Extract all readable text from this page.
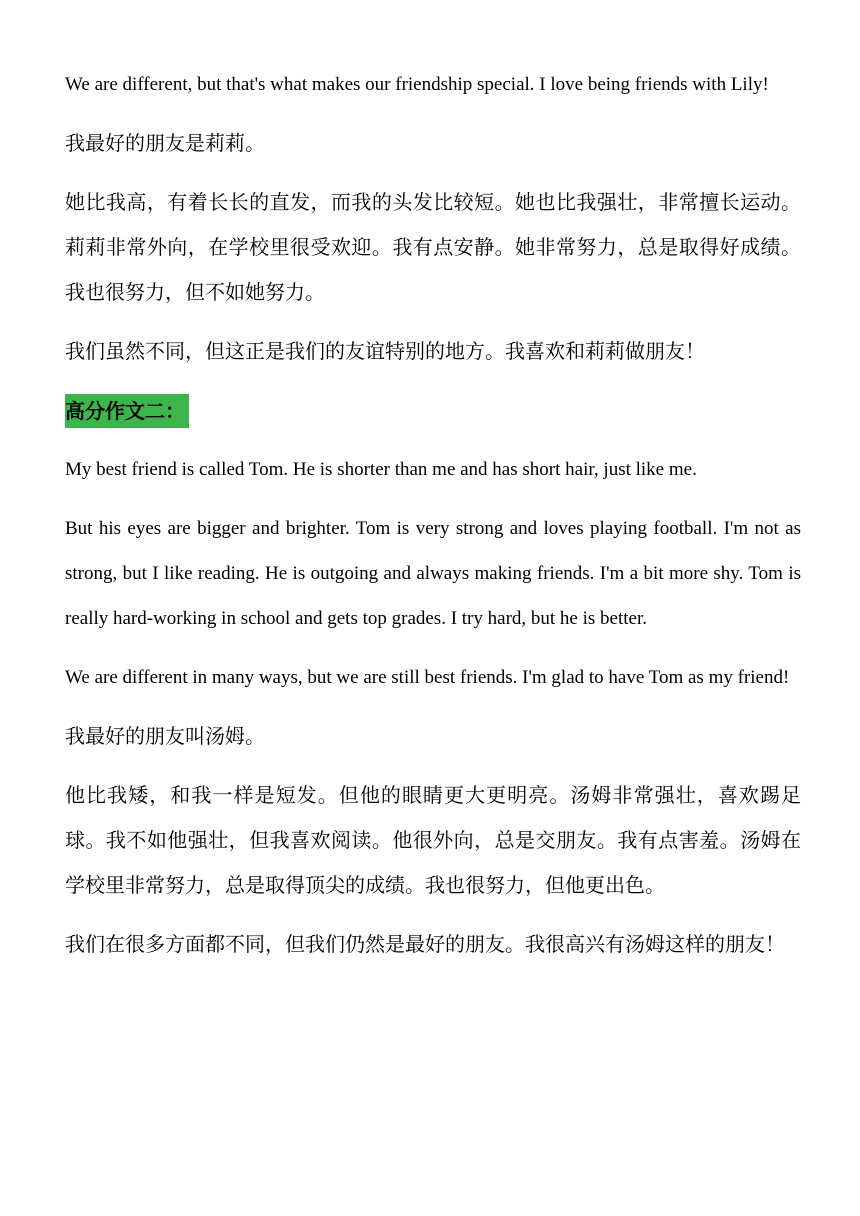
We are different, but that's what makes our friendship special. I love being friends with Lily!

我最好的朋友是莉莉。

她比我高，有着长长的直发，而我的头发比较短。她也比我强壮，非常擅长运动。莉莉非常外向，在学校里很受欢迎。我有点安静。她非常努力，总是取得好成绩。我也很努力，但不如她努力。

我们虽然不同，但这正是我们的友谊特别的地方。我喜欢和莉莉做朋友！

高分作文二：

My best friend is called Tom. He is shorter than me and has short hair, just like me.

But his eyes are bigger and brighter. Tom is very strong and loves playing football. I'm not as strong, but I like reading. He is outgoing and always making friends. I'm a bit more shy. Tom is really hard-working in school and gets top grades. I try hard, but he is better.

We are different in many ways, but we are still best friends. I'm glad to have Tom as my friend!

我最好的朋友叫汤姆。

他比我矮，和我一样是短发。但他的眼睛更大更明亮。汤姆非常强壮，喜欢踢足球。我不如他强壮，但我喜欢阅读。他很外向，总是交朋友。我有点害羞。汤姆在学校里非常努力，总是取得顶尖的成绩。我也很努力，但他更出色。

我们在很多方面都不同，但我们仍然是最好的朋友。我很高兴有汤姆这样的朋友！
